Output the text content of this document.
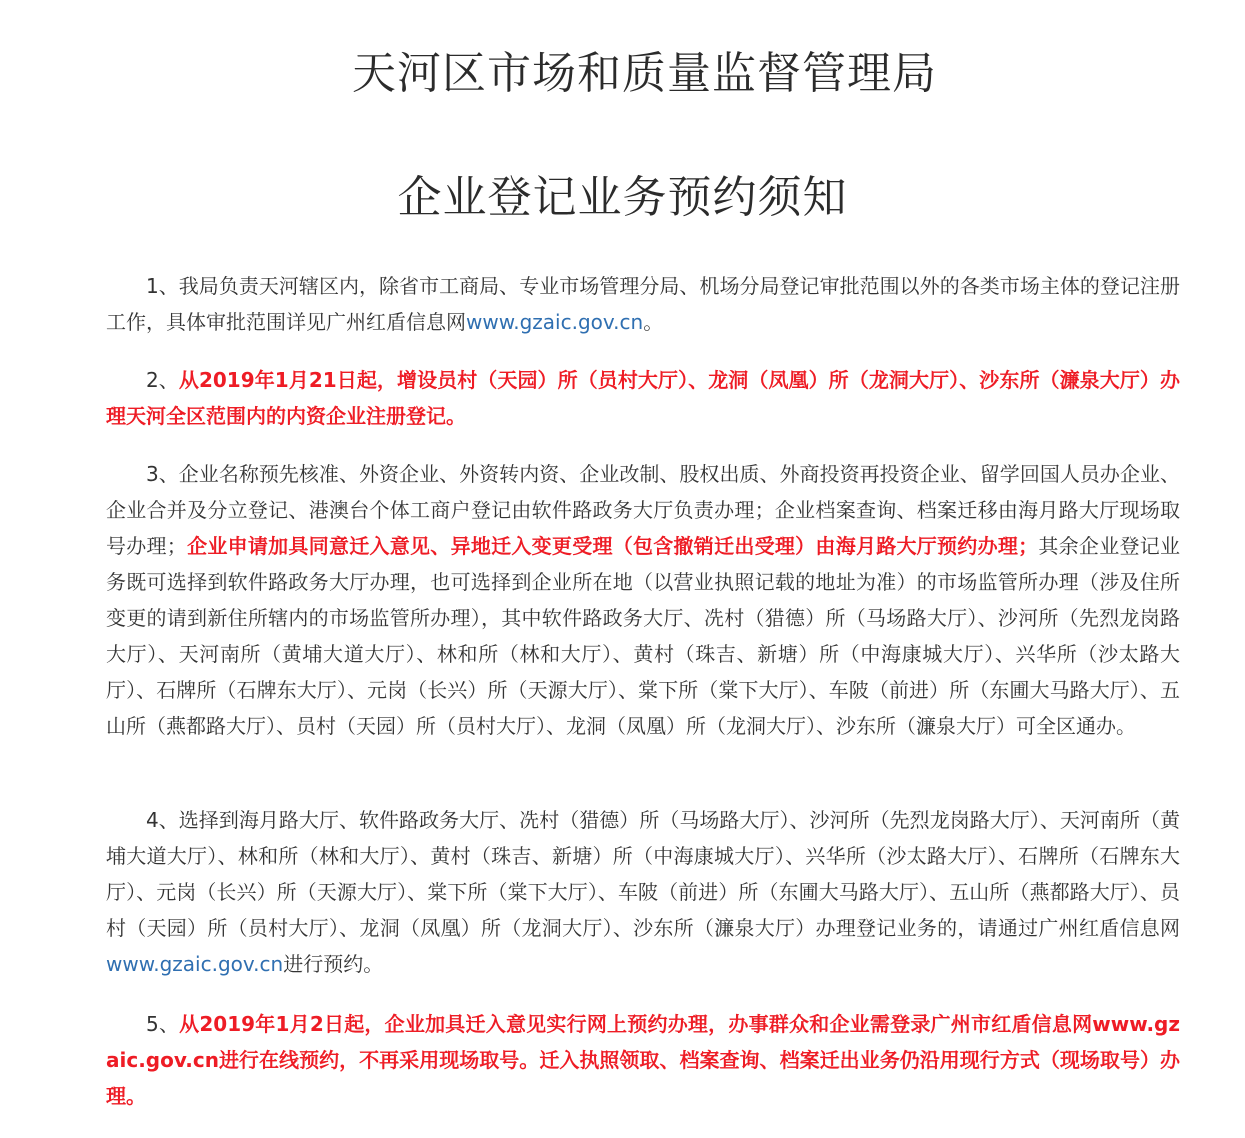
天河区市场和质量监督管理局
企业登记业务预约须知

1、我局负责天河辖区内，除省市工商局、专业市场管理分局、机场分局登记审批范围以外的各类市场主体的登记注册工作，具体审批范围详见广州红盾信息网www.gzaic.gov.cn。

2、从2019年1月21日起，增设员村（天园）所（员村大厅）、龙洞（凤凰）所（龙洞大厅）、沙东所（濂泉大厅）办理天河全区范围内的内资企业注册登记。

3、企业名称预先核准、外资企业、外资转内资、企业改制、股权出质、外商投资再投资企业、留学回国人员办企业、企业合并及分立登记、港澳台个体工商户登记由软件路政务大厅负责办理；企业档案查询、档案迁移由海月路大厅现场取号办理；企业申请加具同意迁入意见、异地迁入变更受理（包含撤销迁出受理）由海月路大厅预约办理；其余企业登记业务既可选择到软件路政务大厅办理，也可选择到企业所在地（以营业执照记载的地址为准）的市场监管所办理（涉及住所变更的请到新住所辖内的市场监管所办理），其中软件路政务大厅、冼村（猎德）所（马场路大厅）、沙河所（先烈龙岗路大厅）、天河南所（黄埔大道大厅）、林和所（林和大厅）、黄村（珠吉、新塘）所（中海康城大厅）、兴华所（沙太路大厅）、石牌所（石牌东大厅）、元岗（长兴）所（天源大厅）、棠下所（棠下大厅）、车陂（前进）所（东圃大马路大厅）、五山所（燕都路大厅）、员村（天园）所（员村大厅）、龙洞（凤凰）所（龙洞大厅）、沙东所（濂泉大厅）可全区通办。

4、选择到海月路大厅、软件路政务大厅、冼村（猎德）所（马场路大厅）、沙河所（先烈龙岗路大厅）、天河南所（黄埔大道大厅）、林和所（林和大厅）、黄村（珠吉、新塘）所（中海康城大厅）、兴华所（沙太路大厅）、石牌所（石牌东大厅）、元岗（长兴）所（天源大厅）、棠下所（棠下大厅）、车陂（前进）所（东圃大马路大厅）、五山所（燕都路大厅）、员村（天园）所（员村大厅）、龙洞（凤凰）所（龙洞大厅）、沙东所（濂泉大厅）办理登记业务的，请通过广州红盾信息网www.gzaic.gov.cn进行预约。

5、从2019年1月2日起，企业加具迁入意见实行网上预约办理，办事群众和企业需登录广州市红盾信息网www.gzaic.gov.cn进行在线预约，不再采用现场取号。迁入执照领取、档案查询、档案迁出业务仍沿用现行方式（现场取号）办理。
